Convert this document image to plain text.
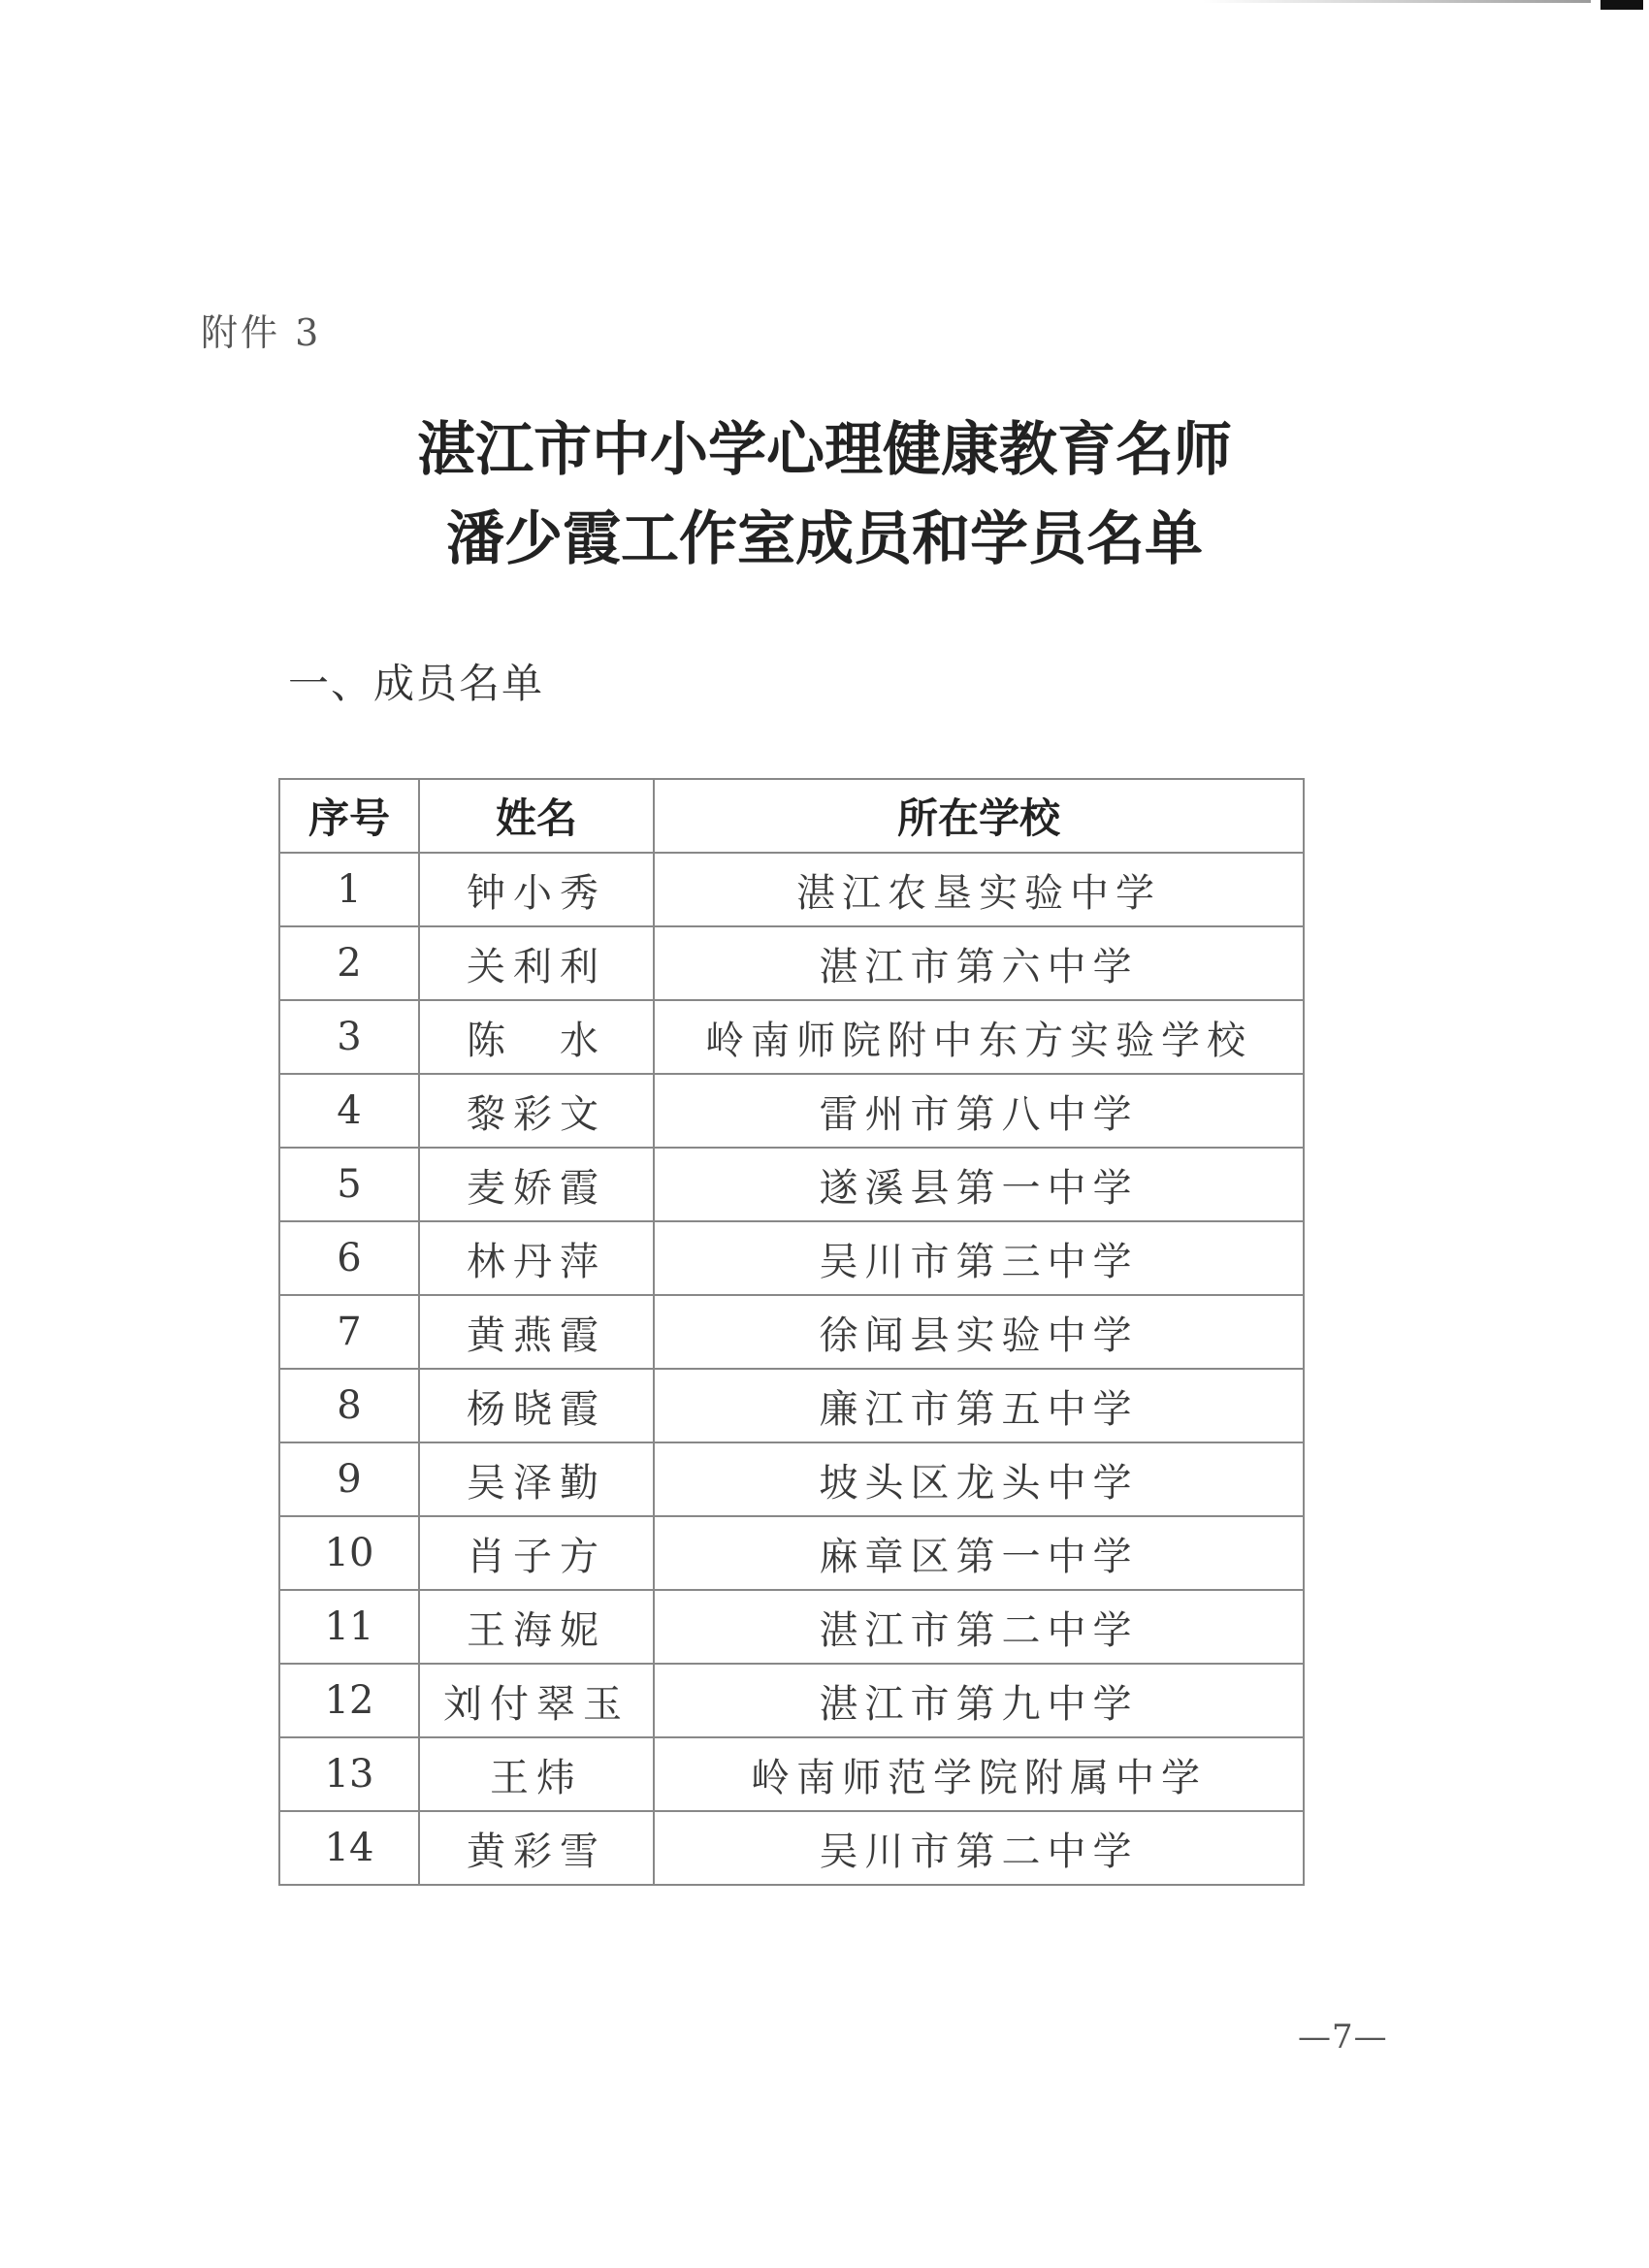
附件 3
湛江市中小学心理健康教育名师
潘少霞工作室成员和学员名单
一、成员名单
序号	姓名	所在学校
1	钟小秀	湛江农垦实验中学
2	关利利	湛江市第六中学
3	陈　水	岭南师院附中东方实验学校
4	黎彩文	雷州市第八中学
5	麦娇霞	遂溪县第一中学
6	林丹萍	吴川市第三中学
7	黄燕霞	徐闻县实验中学
8	杨晓霞	廉江市第五中学
9	吴泽勤	坡头区龙头中学
10	肖子方	麻章区第一中学
11	王海妮	湛江市第二中学
12	刘付翠玉	湛江市第九中学
13	王炜	岭南师范学院附属中学
14	黄彩雪	吴川市第二中学
—7—
